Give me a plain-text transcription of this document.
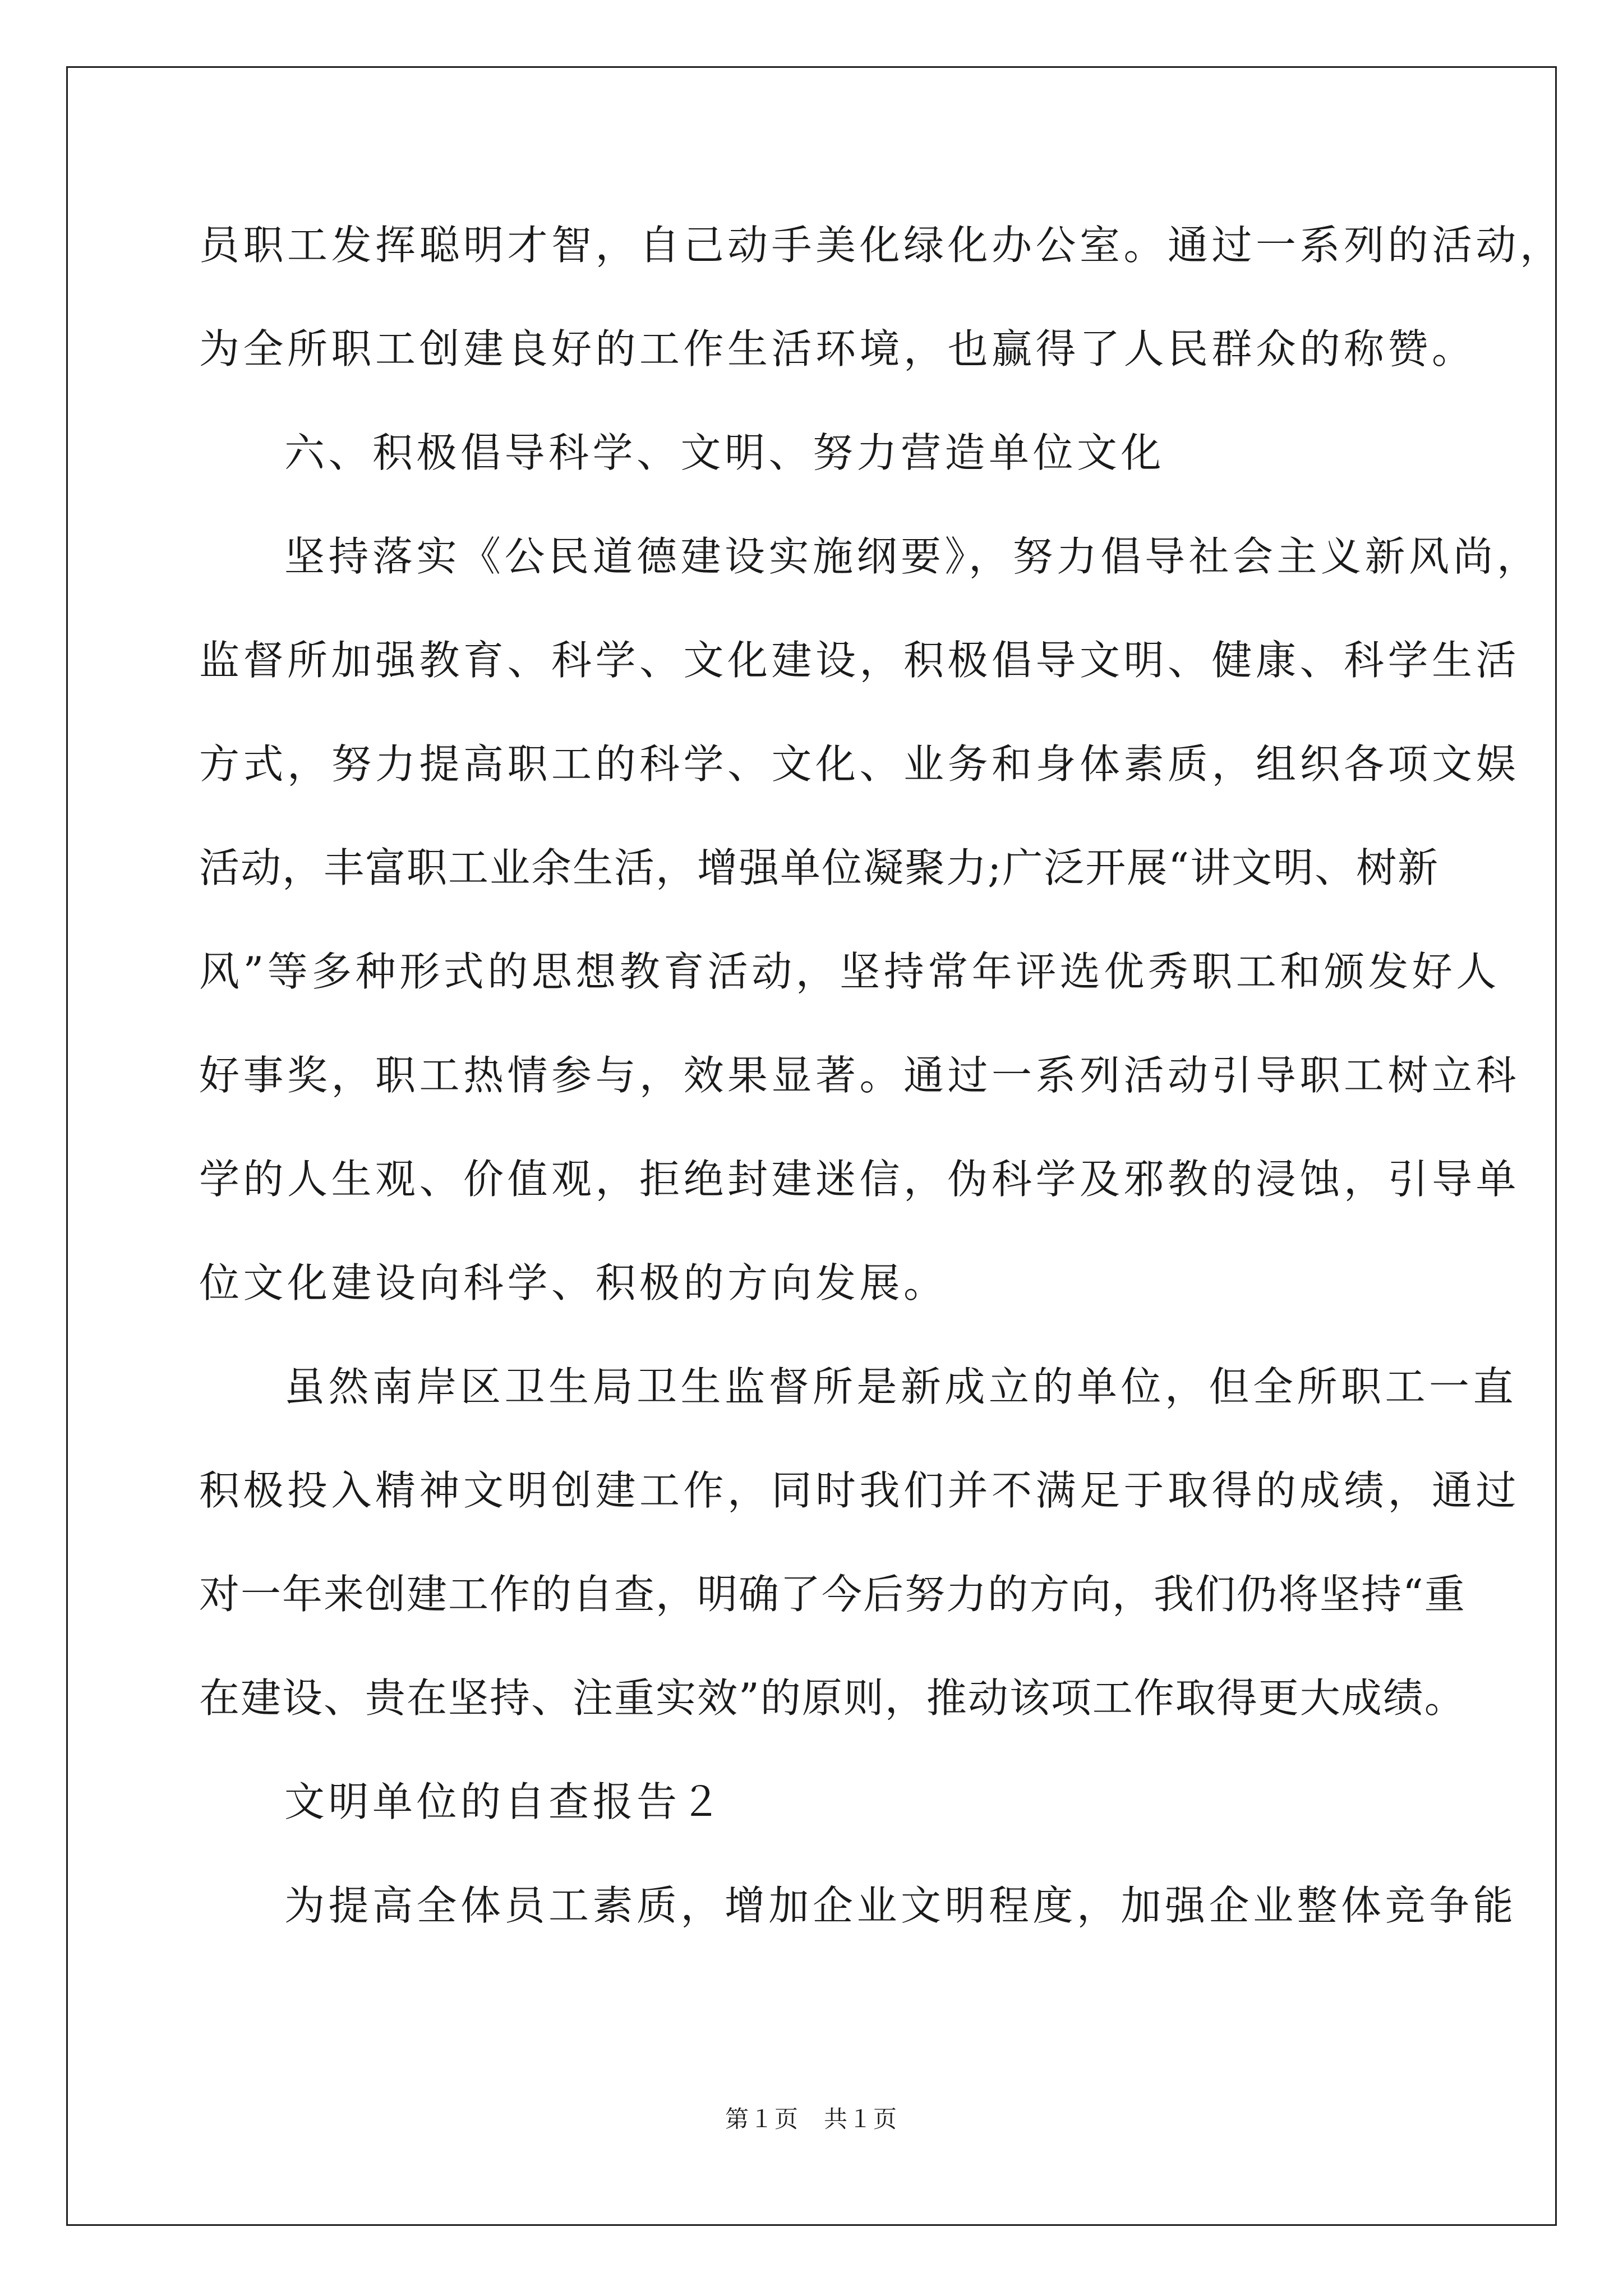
员职工发挥聪明才智，自己动手美化绿化办公室。通过一系列的活动，
为全所职工创建良好的工作生活环境，也赢得了人民群众的称赞。
六、积极倡导科学、文明、努力营造单位文化
坚持落实《公民道德建设实施纲要》，努力倡导社会主义新风尚，
监督所加强教育、科学、文化建设，积极倡导文明、健康、科学生活
方式，努力提高职工的科学、文化、业务和身体素质，组织各项文娱
活动，丰富职工业余生活，增强单位凝聚力;广泛开展“讲文明、树新
风”等多种形式的思想教育活动，坚持常年评选优秀职工和颁发好人
好事奖，职工热情参与，效果显著。通过一系列活动引导职工树立科
学的人生观、价值观，拒绝封建迷信，伪科学及邪教的浸蚀，引导单
位文化建设向科学、积极的方向发展。
虽然南岸区卫生局卫生监督所是新成立的单位，但全所职工一直
积极投入精神文明创建工作，同时我们并不满足于取得的成绩，通过
对一年来创建工作的自查，明确了今后努力的方向，我们仍将坚持“重
在建设、贵在坚持、注重实效”的原则，推动该项工作取得更大成绩。
文明单位的自查报告２
为提高全体员工素质，增加企业文明程度，加强企业整体竞争能
第１页　共１页
